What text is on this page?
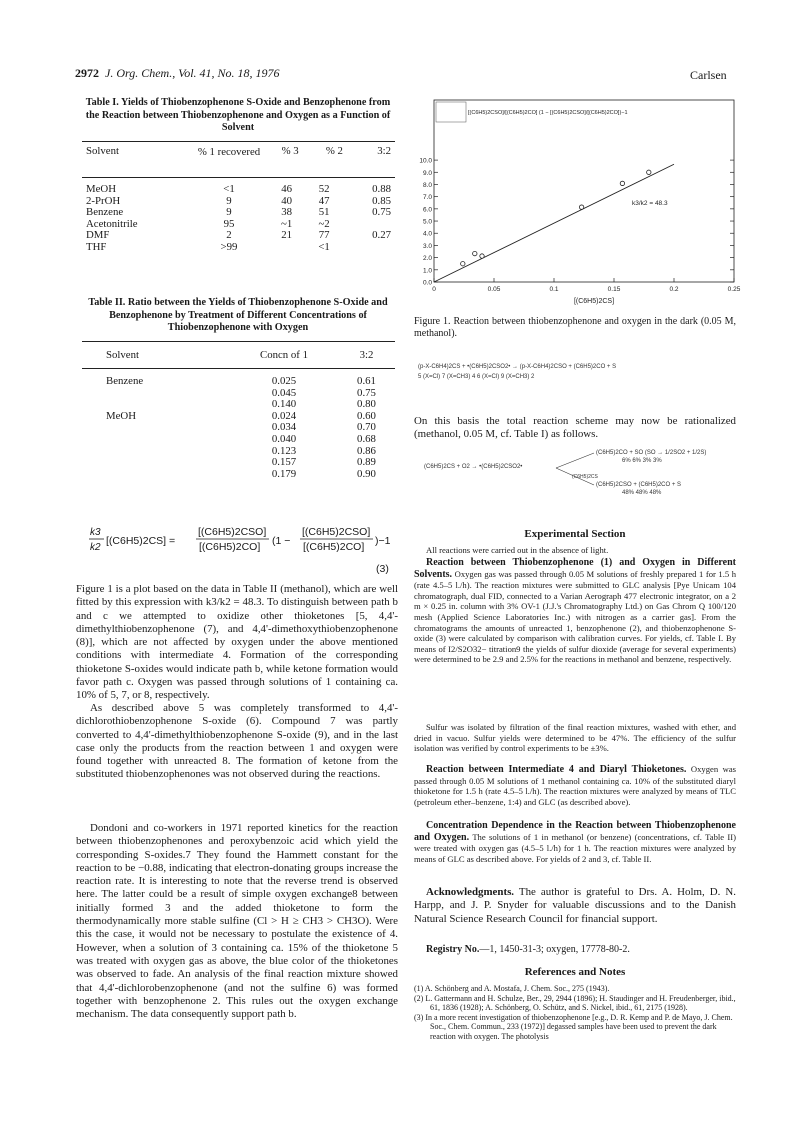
2972 J. Org. Chem., Vol. 41, No. 18, 1976	Carlsen
Table I. Yields of Thiobenzophenone S-Oxide and Benzophenone from the Reaction between Thiobenzophenone and Oxygen as a Function of Solvent
Solvent	% 1 recovered	% 3	% 2	3:2
MeOH	<1	46	52	0.88
2-PrOH	9	40	47	0.85
Benzene	9	38	51	0.75
Acetonitrile	95	~1	~2	
DMF	2	21	77	0.27
THF	>99		<1	
Table II. Ratio between the Yields of Thiobenzophenone S-Oxide and Benzophenone by Treatment of Different Concentrations of Thiobenzophenone with Oxygen
Solvent	Concn of 1	3:2
Benzene	0.025	0.61
	0.045	0.75
	0.140	0.80
MeOH	0.024	0.60
	0.034	0.70
	0.040	0.68
	0.123	0.86
	0.157	0.89
	0.179	0.90
k3
k2
[(C6H5)2CS] =
[(C6H5)2CSO]
[(C6H5)2CO] (1 −
[(C6H5)2CSO]
[(C6H5)2CO] )−1
(3)
Figure 1 is a plot based on the data in Table II (methanol), which are well fitted by this expression with k3/k2 = 48.3. To distinguish between path b and c we attempted to oxidize other thioketones [5, 4,4'-dimethylthiobenzophenone (7), and 4,4'-dimethoxythiobenzophenone (8)], which are not affected by oxygen under the above mentioned conditions with intermediate 4. Formation of the corresponding thioketone S-oxides would indicate path b, while ketone formation would favor path c. Oxygen was passed through solutions of 1 containing ca. 10% of 5, 7, or 8, respectively.
As described above 5 was completely transformed to 4,4'-dichlorothiobenzophenone S-oxide (6). Compound 7 was partly converted to 4,4'-dimethylthiobenzophenone S-oxide (9), and in the last case only the products from the reaction between 1 and oxygen were found together with unreacted 8. The formation of ketone from the substituted thiobenzophenones was not observed during the reactions.
Dondoni and co-workers in 1971 reported kinetics for the reaction between thiobenzophenones and peroxybenzoic acid which yield the corresponding S-oxides.7 They found the Hammett constant for the reaction to be −0.88, indicating that electron-donating groups increase the reaction rate. It is interesting to note that the reverse trend is observed here. The latter could be a result of simple oxygen exchange8 between initially formed 3 and the added thioketone to form the thermodynamically more stable sulfine (Cl > H ≥ CH3 > CH3O). Were this the case, it would not be necessary to postulate the existence of 4. However, when a solution of 3 containing ca. 15% of the thioketone 5 was treated with oxygen gas as above, the blue color of the thioketones was observed to fade. An analysis of the final reaction mixture showed that 4,4'-dichlorobenzophenone (and not the sulfine 6) was formed together with benzophenone 2. This rules out the oxygen exchange mechanism. The data consequently support path b.
0.0
1.0
2.0
3.0
4.0
5.0
6.0
7.0
8.0
9.0
10.0
0	0.05	0.1	0.15	0.2	0.25
[(C6H5)2CS]
[(C6H5)2CSO]/[(C6H5)2CO] (1 − [(C6H5)2CSO]/[(C6H5)2CO])−1
k3/k2 = 48.3
Figure 1. Reaction between thiobenzophenone and oxygen in the dark (0.05 M, methanol).
(p-X-C6H4)2CS + •(C6H5)2CSO2• → (p-X-C6H4)2CSO + (C6H5)2CO + S
5 (X=Cl) 7 (X=CH3) 4 6 (X=Cl) 9 (X=CH3) 2
On this basis the total reaction scheme may now be rationalized (methanol, 0.05 M, cf. Table I) as follows.
(C6H5)2CS + O2 → •(C6H5)2CSO2•
(C6H5)2CO + SO (SO → 1/2SO2 + 1/2S)
6% 6% 3% 3%
(C6H5)2CS
(C6H5)2CSO + (C6H5)2CO + S
48% 48% 48%
Experimental Section
All reactions were carried out in the absence of light.
Reaction between Thiobenzophenone (1) and Oxygen in Different Solvents. Oxygen gas was passed through 0.05 M solutions of freshly prepared 1 for 1.5 h (rate 4.5–5 l./h). The reaction mixtures were submitted to GLC analysis [Pye Unicam 104 chromatograph, dual FID, connected to a Varian Aerograph 477 electronic integrator, on a 2 m × 0.25 in. column with 3% OV-1 (J.J.'s Chromatography Ltd.) on Gas Chrom Q 100/120 mesh (Applied Science Laboratories Inc.) with nitrogen as a carrier gas]. From the chromatograms the amounts of unreacted 1, benzophenone (2), and thiobenzophenone S-oxide (3) were calculated by comparison with calibration curves. For yields, cf. Table I. By means of I2/S2O32− titration9 the yields of sulfur dioxide (average for several experiments) were determined to be 2.9 and 2.5% for the reactions in methanol and benzene, respectively.
Sulfur was isolated by filtration of the final reaction mixtures, washed with ether, and dried in vacuo. Sulfur yields were determined to be 47%. The efficiency of the sulfur isolation was verified by control experiments to be ±3%.
Reaction between Intermediate 4 and Diaryl Thioketones. Oxygen was passed through 0.05 M solutions of 1 methanol containing ca. 10% of the substituted diaryl thioketone for 1.5 h (rate 4.5–5 l./h). The reaction mixtures were analyzed by means of TLC (petroleum ether–benzene, 1:4) and GLC (as described above).
Concentration Dependence in the Reaction between Thiobenzophenone and Oxygen. The solutions of 1 in methanol (or benzene) (concentrations, cf. Table II) were treated with oxygen gas (4.5–5 l./h) for 1 h. The reaction mixtures were analyzed by means of GLC as described above. For yields of 2 and 3, cf. Table II.
Acknowledgments. The author is grateful to Drs. A. Holm, D. N. Harpp, and J. P. Snyder for valuable discussions and to the Danish Natural Science Research Council for financial support.
Registry No.—1, 1450-31-3; oxygen, 17778-80-2.
References and Notes
(1) A. Schönberg and A. Mostafa, J. Chem. Soc., 275 (1943).
(2) L. Gattermann and H. Schulze, Ber., 29, 2944 (1896); H. Staudinger and H. Freudenberger, ibid., 61, 1836 (1928); A. Schönberg, O. Schütz, and S. Nickel, ibid., 61, 2175 (1928).
(3) In a more recent investigation of thiobenzophenone [e.g., D. R. Kemp and P. de Mayo, J. Chem. Soc., Chem. Commun., 233 (1972)] degassed samples have been used to prevent the dark reaction with oxygen. The photolysis
